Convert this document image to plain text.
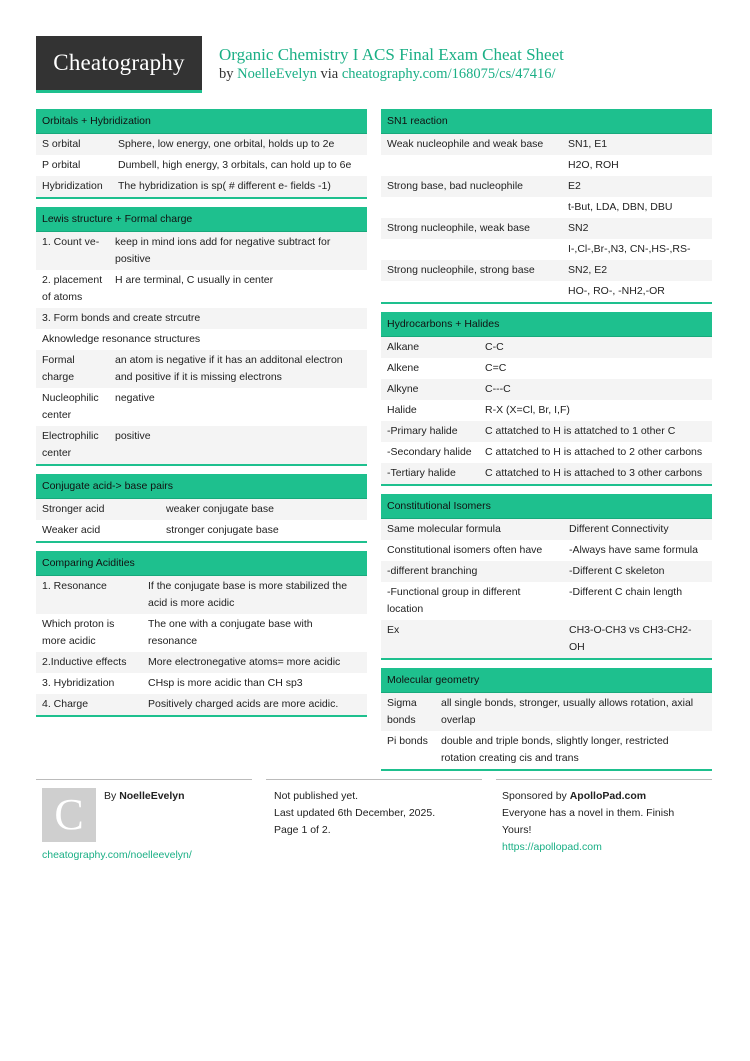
Cheatography	Organic Chemistry I ACS Final Exam Cheat Sheet
by NoelleEvelyn via cheatography.com/168075/cs/47416/
Orbitals + Hybridization
S orbital	Sphere, low energy, one orbital, holds up to 2e
P orbital	Dumbell, high energy, 3 orbitals, can hold up to 6e
Hybridization	The hybridization is sp( # different e- fields -1)
Lewis structure + Formal charge
1. Count ve-	keep in mind ions add for negative subtract for positive
2. placement of atoms	H are terminal, C usually in center
3. Form bonds and create strcutre	
Aknowledge resonance structures	
Formal charge	an atom is negative if it has an additonal electron and positive if it is missing electrons
Nucleophilic center	negative
Electrophilic center	positive
Conjugate acid-> base pairs
Stronger acid	weaker conjugate base
Weaker acid	stronger conjugate base
Comparing Acidities
1. Resonance	If the conjugate base is more stabilized the acid is more acidic
Which proton is more acidic	The one with a conjugate base with resonance
2.Inductive effects	More electronegative atoms= more acidic
3. Hybridization	CHsp is more acidic than CH sp3
4. Charge	Positively charged acids are more acidic.
SN1 reaction
Weak nucleophile and weak base	SN1, E1
	H2O, ROH
Strong base, bad nucleophile	E2
	t-But, LDA, DBN, DBU
Strong nucleophile, weak base	SN2
	I-,Cl-,Br-,N3, CN-,HS-,RS-
Strong nucleophile, strong base	SN2, E2
	HO-, RO-, -NH2,-OR
Hydrocarbons + Halides
Alkane	C-C
Alkene	C=C
Alkyne	C---C
Halide	R-X (X=Cl, Br, I,F)
-Primary halide	C attatched to H is attatched to 1 other C
-Secondary halide	C attatched to H is attached to 2 other carbons
-Tertiary halide	C attatched to H is attached to 3 other carbons
Constitutional Isomers
Same molecular formula	Different Connectivity
Constitutional isomers often have	-Always have same formula
-different branching	-Different C skeleton
-Functional group in different location	-Different C chain length
Ex	CH3-O-CH3 vs CH3-CH2-OH
Molecular geometry
Sigma bonds	all single bonds, stronger, usually allows rotation, axial overlap
Pi bonds	double and triple bonds, slightly longer, restricted rotation creating cis and trans
C	By NoelleEvelyn
cheatography.com/noelleevelyn/
Not published yet.
Last updated 6th December, 2025.
Page 1 of 2.
Sponsored by ApolloPad.com
Everyone has a novel in them. Finish
Yours!
https://apollopad.com
